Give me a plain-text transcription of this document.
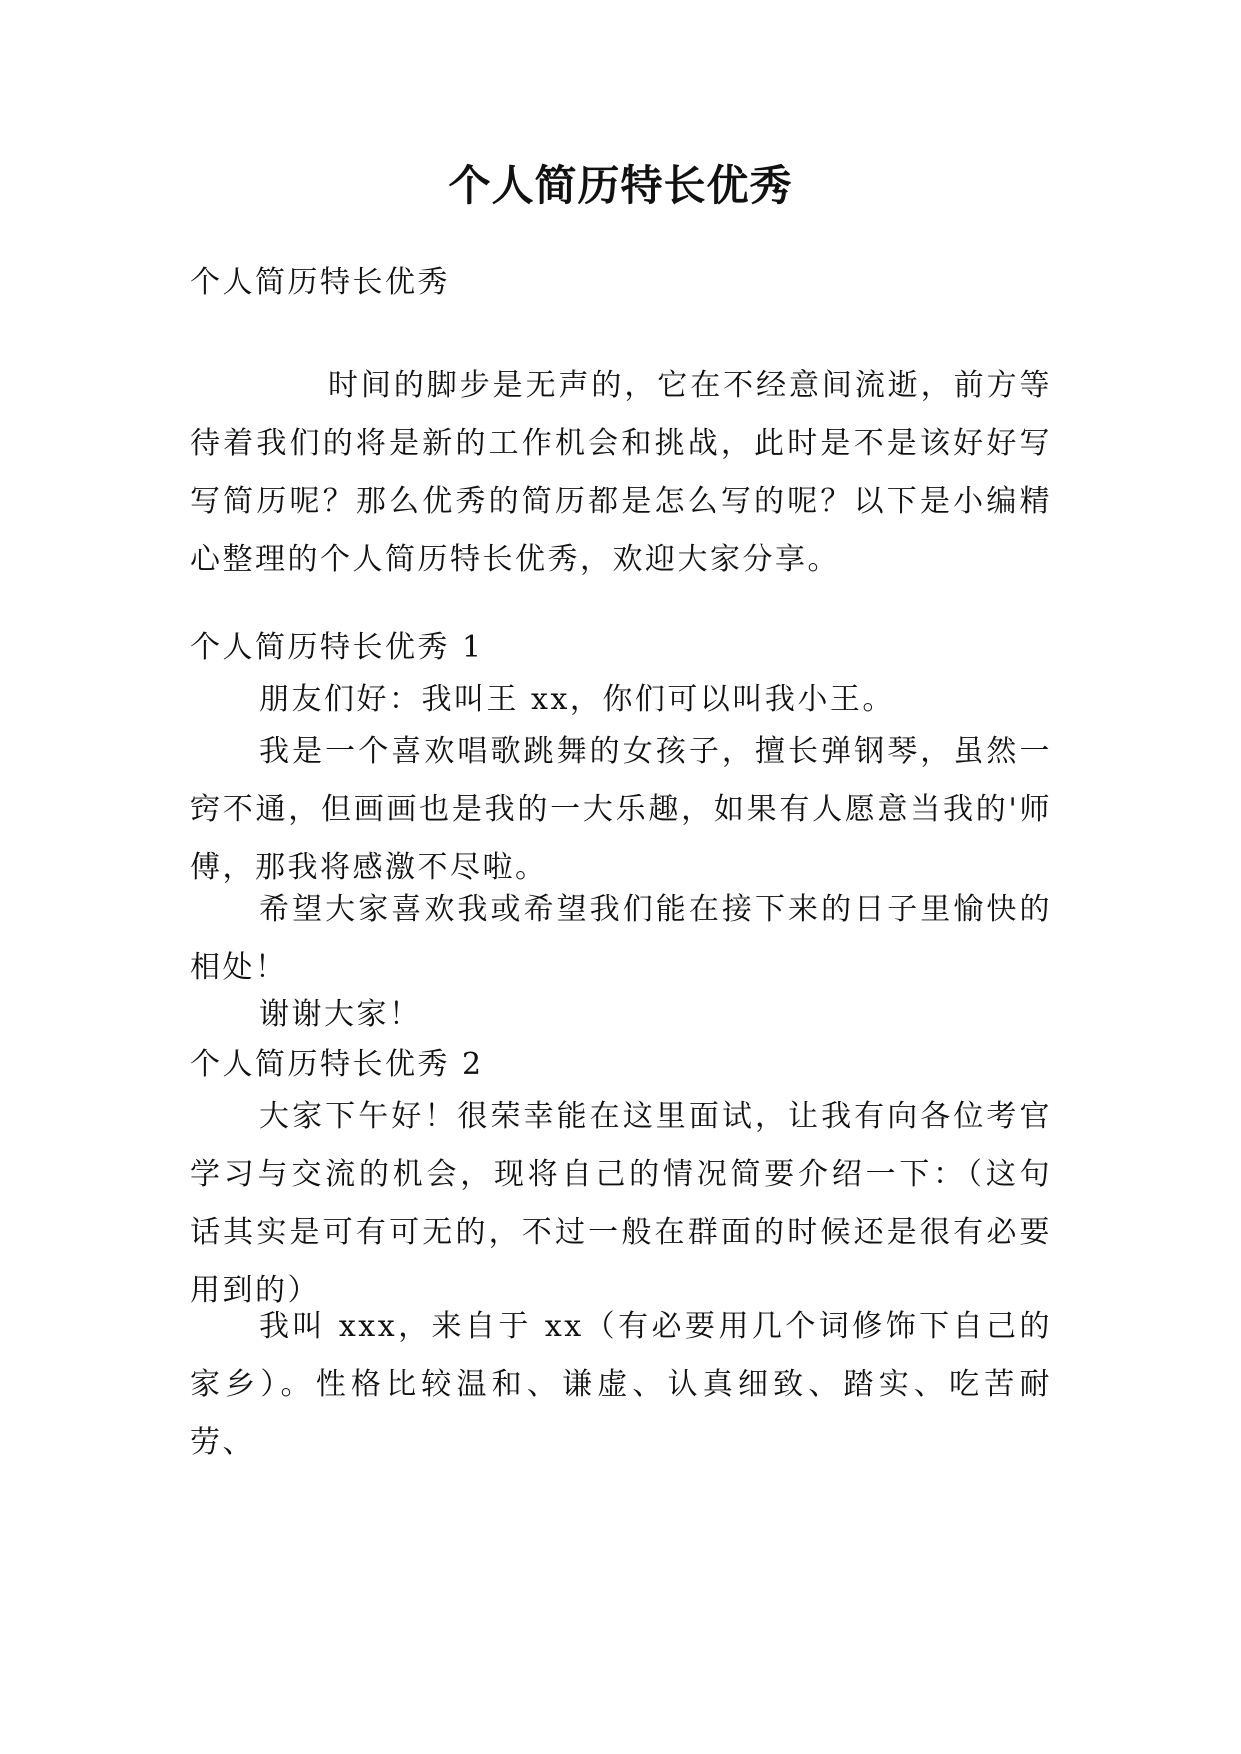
个人简历特长优秀
个人简历特长优秀
时间的脚步是无声的，它在不经意间流逝，前方等待着我们的将是新的工作机会和挑战，此时是不是该好好写写简历呢？那么优秀的简历都是怎么写的呢？以下是小编精心整理的个人简历特长优秀，欢迎大家分享。
个人简历特长优秀 1
朋友们好：我叫王 xx，你们可以叫我小王。
我是一个喜欢唱歌跳舞的女孩子，擅长弹钢琴，虽然一窍不通，但画画也是我的一大乐趣，如果有人愿意当我的'师傅，那我将感激不尽啦。
希望大家喜欢我或希望我们能在接下来的日子里愉快的相处！
谢谢大家！
个人简历特长优秀 2
大家下午好！很荣幸能在这里面试，让我有向各位考官学习与交流的机会，现将自己的情况简要介绍一下：（这句话其实是可有可无的，不过一般在群面的时候还是很有必要用到的）
我叫 xxx，来自于 xx（有必要用几个词修饰下自己的家乡）。性格比较温和、谦虚、认真细致、踏实、吃苦耐劳、
